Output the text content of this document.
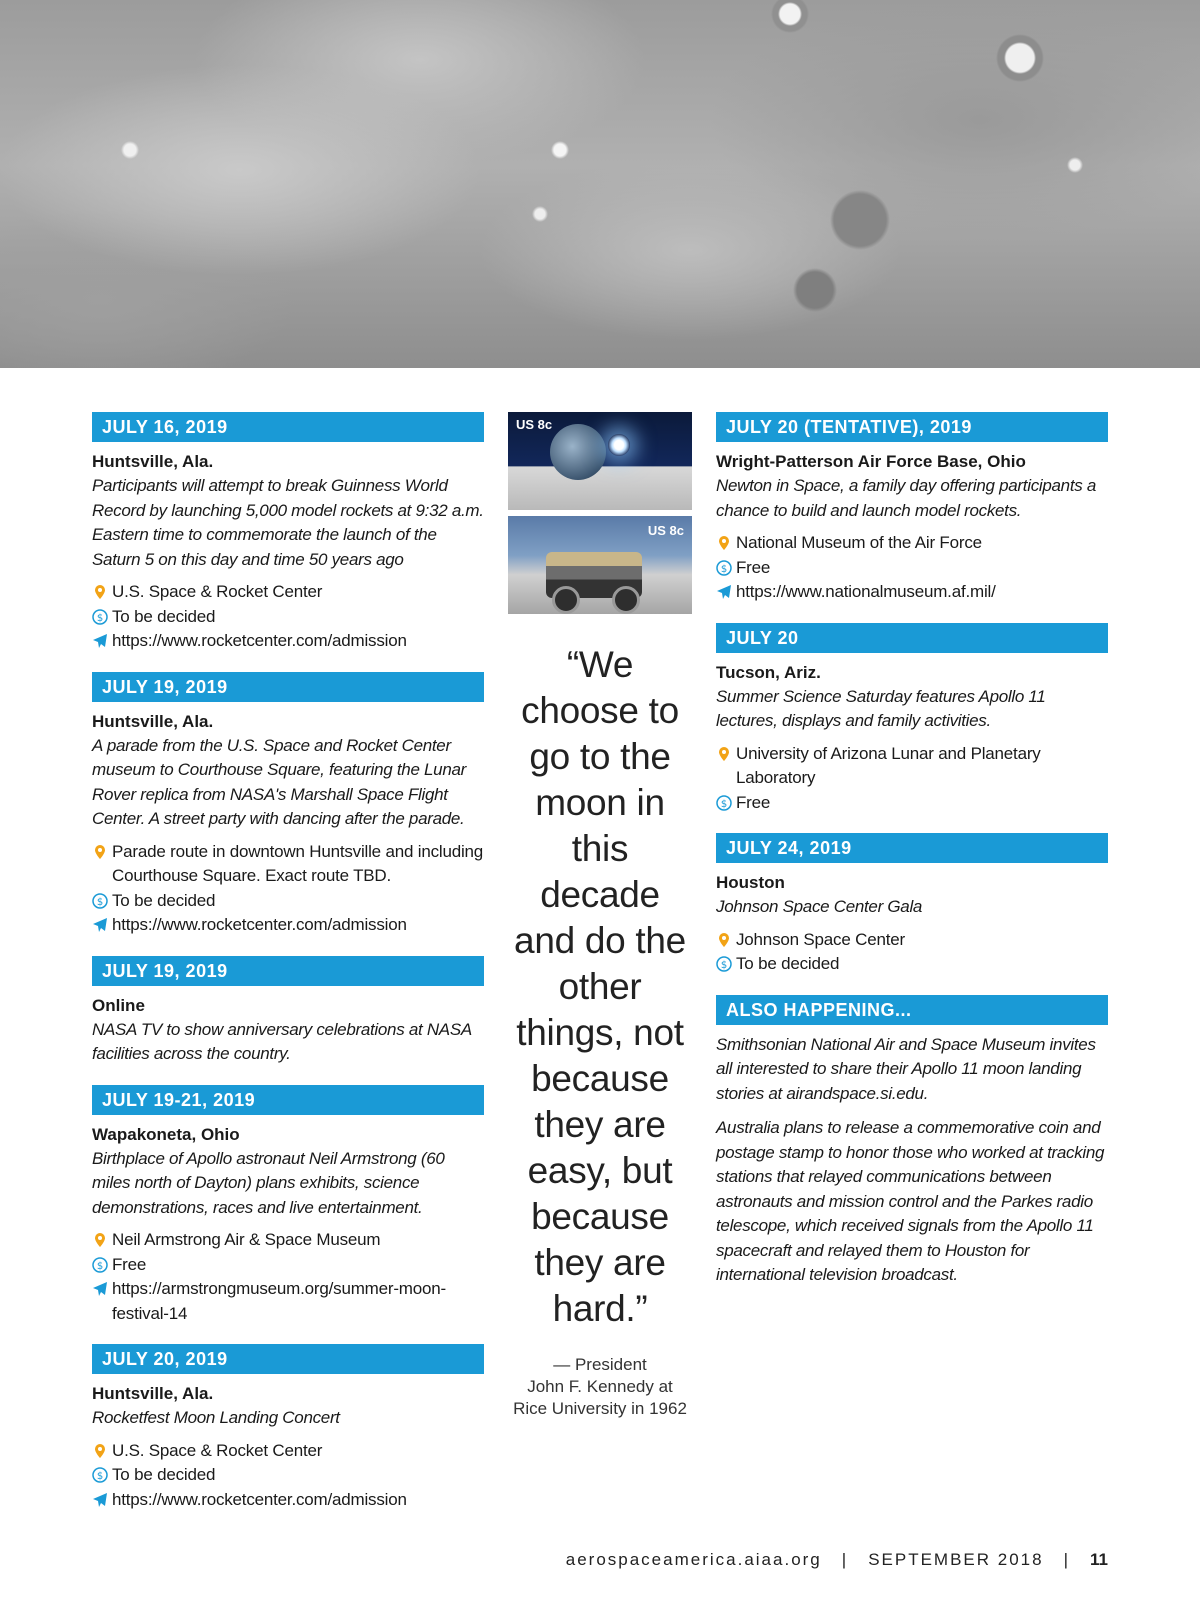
JULY 16, 2019
Huntsville, Ala.
Participants will attempt to break Guinness World Record by launching 5,000 model rockets at 9:32 a.m. Eastern time to commemorate the launch of the Saturn 5 on this day and time 50 years ago
U.S. Space & Rocket Center
$ To be decided
https://www.rocketcenter.com/admission
JULY 19, 2019
Huntsville, Ala.
A parade from the U.S. Space and Rocket Center museum to Courthouse Square, featuring the Lunar Rover replica from NASA's Marshall Space Flight Center. A street party with dancing after the parade.
Parade route in downtown Huntsville and including Courthouse Square. Exact route TBD.
$ To be decided
https://www.rocketcenter.com/admission
JULY 19, 2019
Online
NASA TV to show anniversary celebrations at NASA facilities across the country.
JULY 19-21, 2019
Wapakoneta, Ohio
Birthplace of Apollo astronaut Neil Armstrong (60 miles north of Dayton) plans exhibits, science demonstrations, races and live entertainment.
Neil Armstrong Air & Space Museum
$ Free
https://armstrongmuseum.org/summer-moon-festival-14
JULY 20, 2019
Huntsville, Ala.
Rocketfest Moon Landing Concert
U.S. Space & Rocket Center
$ To be decided
https://www.rocketcenter.com/admission
US 8c
US 8c
“We choose to go to the moon in this decade and do the other things, not because they are easy, but because they are hard.”
— President
John F. Kennedy at
Rice University in 1962
JULY 20 (TENTATIVE), 2019
Wright-Patterson Air Force Base, Ohio
Newton in Space, a family day offering participants a chance to build and launch model rockets.
National Museum of the Air Force
$ Free
https://www.nationalmuseum.af.mil/
JULY 20
Tucson, Ariz.
Summer Science Saturday features Apollo 11 lectures, displays and family activities.
University of Arizona Lunar and Planetary Laboratory
$ Free
JULY 24, 2019
Houston
Johnson Space Center Gala
Johnson Space Center
$ To be decided
ALSO HAPPENING...
Smithsonian National Air and Space Museum invites all interested to share their Apollo 11 moon landing stories at airandspace.si.edu.
Australia plans to release a commemorative coin and postage stamp to honor those who worked at tracking stations that relayed communications between astronauts and mission control and the Parkes radio telescope, which received signals from the Apollo 11 spacecraft and relayed them to Houston for international television broadcast.
aerospaceamerica.aiaa.org | SEPTEMBER 2018 | 11
